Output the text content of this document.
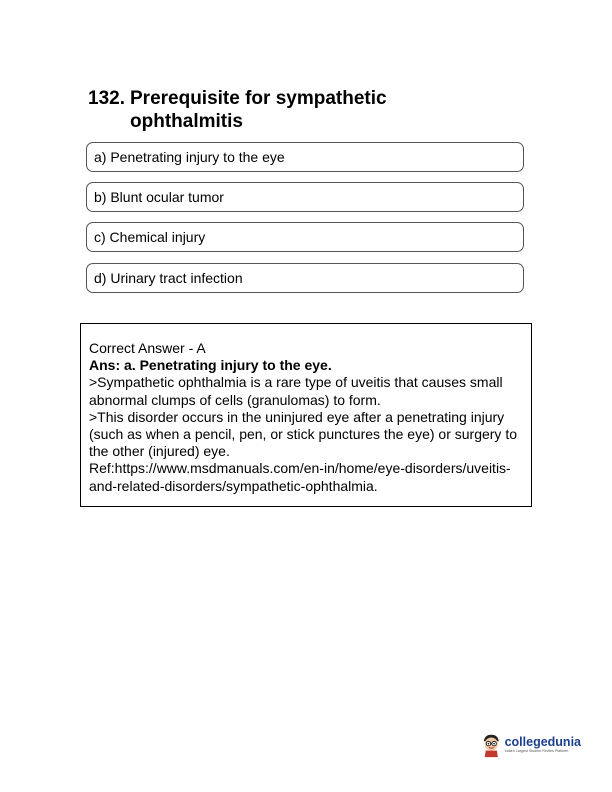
132. Prerequisite for sympathetic ophthalmitis
a) Penetrating injury to the eye
b) Blunt ocular tumor
c) Chemical injury
d) Urinary tract infection
Correct Answer - A
Ans: a. Penetrating injury to the eye.
>Sympathetic ophthalmia is a rare type of uveitis that causes small abnormal clumps of cells (granulomas) to form.
>This disorder occurs in the uninjured eye after a penetrating injury (such as when a pencil, pen, or stick punctures the eye) or surgery to the other (injured) eye.
Ref:https://www.msdmanuals.com/en-in/home/eye-disorders/uveitis-and-related-disorders/sympathetic-ophthalmia.
collegedunia
India's Largest Student Review Platform
